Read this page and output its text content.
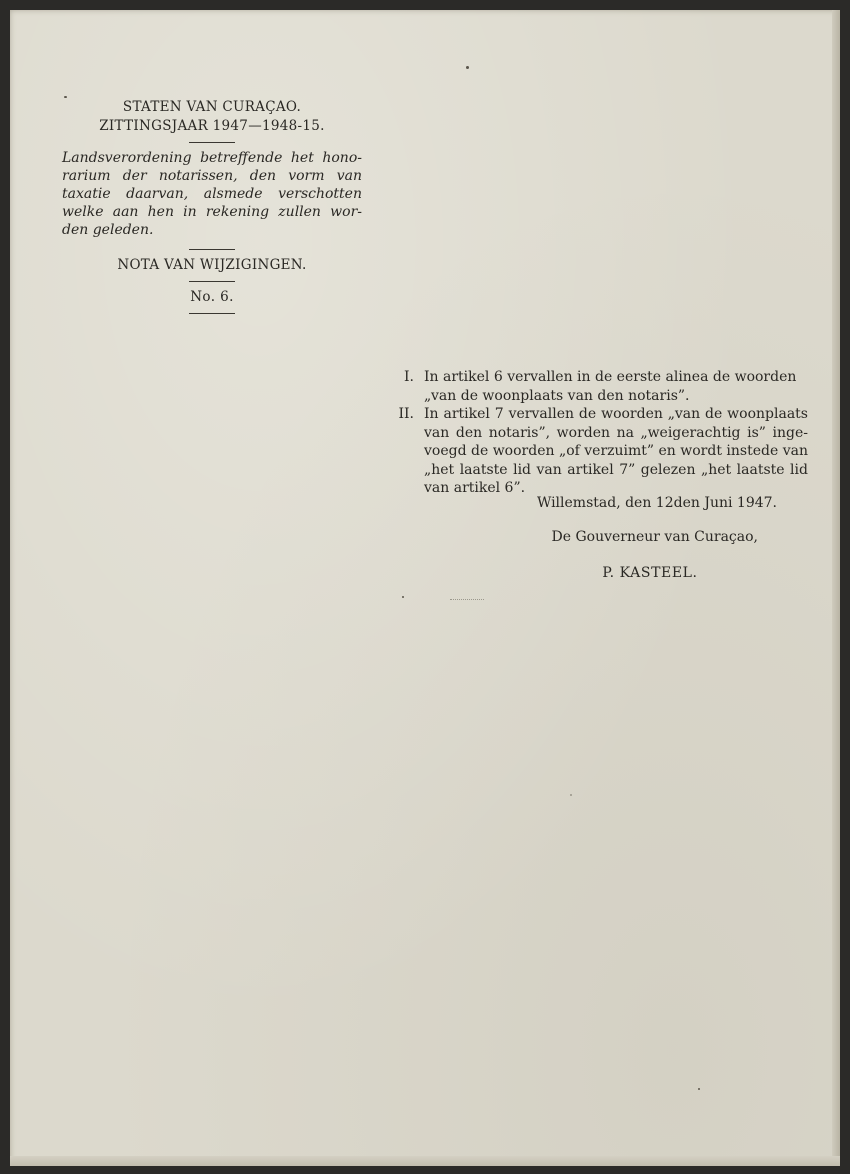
STATEN VAN CURAÇAO.
ZITTINGSJAAR 1947—1948-15.
Landsverordening betreffende het hono-
rarium der notarissen, den vorm van
taxatie daarvan, alsmede verschotten
welke aan hen in rekening zullen wor-
den geleden.
NOTA VAN WIJZIGINGEN.
No. 6.
I. In artikel 6 vervallen in de eerste alinea de woorden
„van de woonplaats van den notaris”.
II. In artikel 7 vervallen de woorden „van de woonplaats
van den notaris”, worden na „weigerachtig is” inge-
voegd de woorden „of verzuimt” en wordt instede van
„het laatste lid van artikel 7” gelezen „het laatste lid
van artikel 6”.
Willemstad, den 12den Juni 1947.
De Gouverneur van Curaçao,
P. KASTEEL.
